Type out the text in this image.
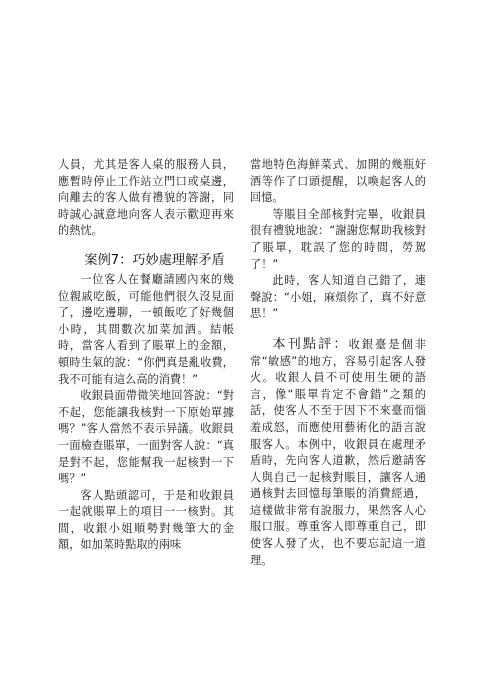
人員，尤其是客人桌的服務人員，應暫時停止工作站立門口或桌邊，向離去的客人做有禮貌的答謝，同時誠心誠意地向客人表示歡迎再來的熱忱。

案例7：巧妙處理解矛盾

一位客人在餐廳請國內來的幾位親戚吃飯，可能他們很久沒見面了，邊吃邊聊，一頓飯吃了好幾個小時，其間數次加菜加酒。結帳時，當客人看到了賬單上的金額，頓時生氣的說：“你們真是亂收費，我不可能有這么高的消費！”

收銀員面帶微笑地回答說：“對不起，您能讓我核對一下原始單據嗎？”客人當然不表示异議。收銀員一面檢查賬單，一面對客人說：“真是對不起，您能幫我一起核對一下嗎？”

客人點頭認可，于是和收銀員一起就賬單上的項目一一核對。其間，收銀小姐順勢對幾筆大的金額，如加菜時點取的兩味

當地特色海鮮菜式、加開的幾瓶好酒等作了口頭提醒，以喚起客人的回憶。

等賬目全部核對完畢，收銀員很有禮貌地說：“謝謝您幫助我核對了賬單，耽誤了您的時間，勞駕了！”

此時，客人知道自己錯了，連聲說：“小姐，麻煩你了，真不好意思！”

本刊點評：收銀臺是個非常“敏感”的地方，容易引起客人發火。收銀人員不可使用生硬的語言，像“賬單肯定不會錯”之類的話，使客人不至于因下不來臺而惱羞成怒，而應使用藝術化的語言說服客人。本例中，收銀員在處理矛盾時，先向客人道歉，然后邀請客人與自己一起核對賬目，讓客人通過核對去回憶每筆賬的消費經過，這樣做非常有說服力，果然客人心服口服。尊重客人即尊重自己，即使客人發了火，也不要忘記這一道理。
